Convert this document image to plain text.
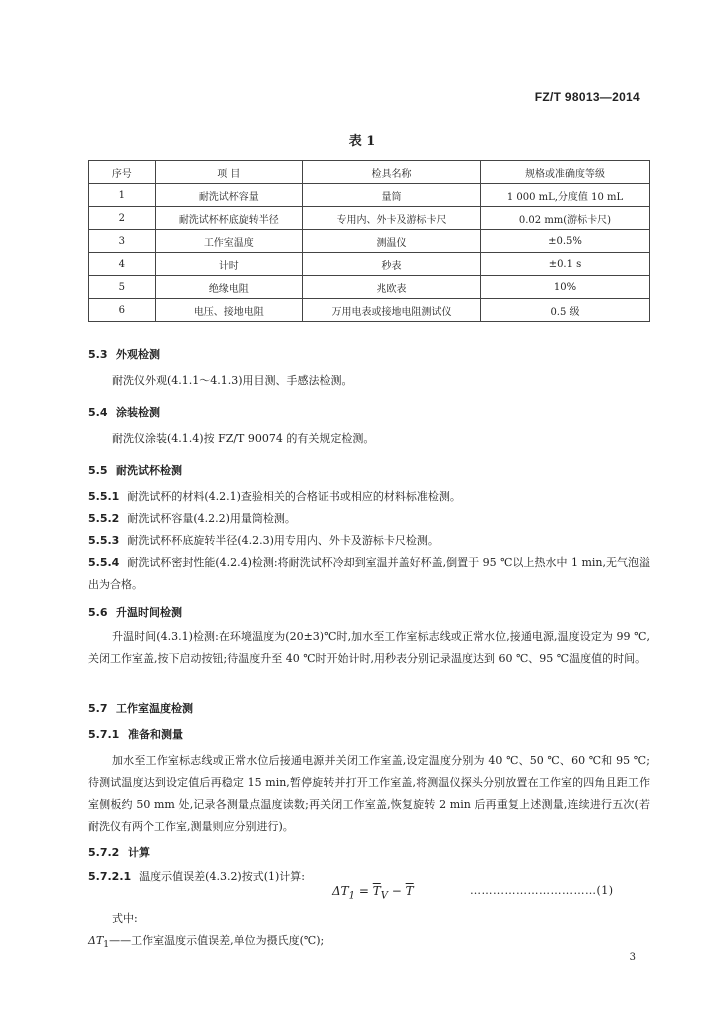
FZ/T 98013—2014
表 1
序号	项 目	检具名称	规格或准确度等级
1	耐洗试杯容量	量筒	1 000 mL,分度值 10 mL
2	耐洗试杯杯底旋转半径	专用内、外卡及游标卡尺	0.02 mm(游标卡尺)
3	工作室温度	测温仪	±0.5%
4	计时	秒表	±0.1 s
5	绝缘电阻	兆欧表	10%
6	电压、接地电阻	万用电表或接地电阻测试仪	0.5 级
5.3 外观检测
耐洗仪外观(4.1.1～4.1.3)用目测、手感法检测。
5.4 涂装检测
耐洗仪涂装(4.1.4)按 FZ/T 90074 的有关规定检测。
5.5 耐洗试杯检测
5.5.1 耐洗试杯的材料(4.2.1)查验相关的合格证书或相应的材料标准检测。
5.5.2 耐洗试杯容量(4.2.2)用量筒检测。
5.5.3 耐洗试杯杯底旋转半径(4.2.3)用专用内、外卡及游标卡尺检测。
5.5.4 耐洗试杯密封性能(4.2.4)检测:将耐洗试杯冷却到室温并盖好杯盖,倒置于 95 ℃以上热水中 1 min,无气泡溢出为合格。
5.6 升温时间检测
升温时间(4.3.1)检测:在环境温度为(20±3)℃时,加水至工作室标志线或正常水位,接通电源,温度设定为 99 ℃,关闭工作室盖,按下启动按钮;待温度升至 40 ℃时开始计时,用秒表分别记录温度达到 60 ℃、95 ℃温度值的时间。
5.7 工作室温度检测
5.7.1 准备和测量
加水至工作室标志线或正常水位后接通电源并关闭工作室盖,设定温度分别为 40 ℃、50 ℃、60 ℃和 95 ℃;待测试温度达到设定值后再稳定 15 min,暂停旋转并打开工作室盖,将测温仪探头分别放置在工作室的四角且距工作室侧板约 50 mm 处,记录各测量点温度读数;再关闭工作室盖,恢复旋转 2 min 后再重复上述测量,连续进行五次(若耐洗仪有两个工作室,测量则应分别进行)。
5.7.2 计算
5.7.2.1 温度示值误差(4.3.2)按式(1)计算:
$\Delta T_1 = \overline{T}_V - \overline{T}$	……………………………(1)
式中:
$\Delta T_1——$工作室温度示值误差,单位为摄氏度(℃);
3
